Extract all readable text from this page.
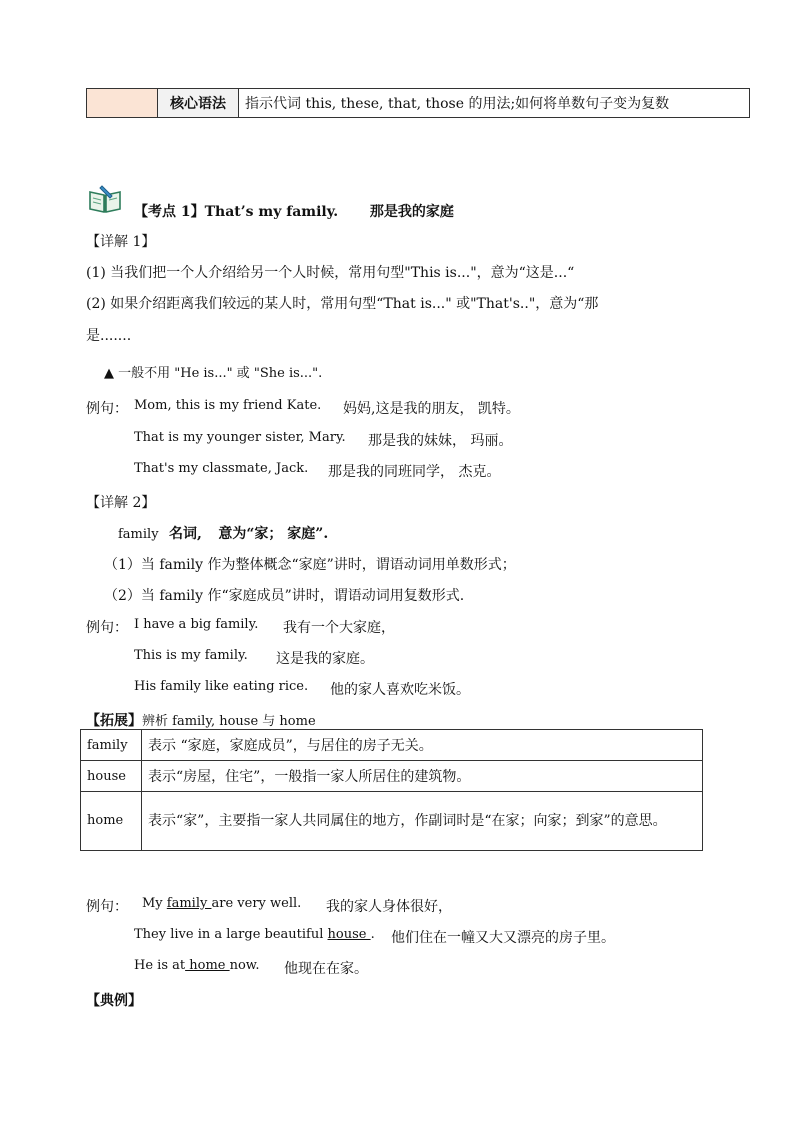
核心语法	指示代词 this, these, that, those 的用法;如何将单数句子变为复数
【考点 1】That’s my family. 那是我的家庭
【详解 1】
(1) 当我们把一个人介绍给另一个人时候，常用句型"This is..."，意为“这是...“
(2) 如果介绍距离我们较远的某人时，常用句型“That is..." 或"That's.."，意为“那
是.......
▲ 一般不用 "He is..." 或 "She is...".
例句： Mom, this is my friend Kate. 妈妈,这是我的朋友， 凯特。
That is my younger sister, Mary. 那是我的妹妹， 玛丽。
That's my classmate, Jack. 那是我的同班同学， 杰克。
【详解 2】
family 名词, 意为“家； 家庭”.
（1）当 family 作为整体概念“家庭”讲时，谓语动词用单数形式；
（2）当 family 作“家庭成员”讲时，谓语动词用复数形式.
例句： I have a big family. 我有一个大家庭，
This is my family. 这是我的家庭。
His family like eating rice. 他的家人喜欢吃米饭。
【拓展】辨析 family, house 与 home
family	表示 “家庭，家庭成员”，与居住的房子无关。
house	表示“房屋，住宅”，一般指一家人所居住的建筑物。
home	表示“家”，主要指一家人共同属住的地方，作副词时是“在家；向家；到家”的意思。
例句： My family are very well. 我的家人身体很好，
They live in a large beautiful house . 他们住在一幢又大又漂亮的房子里。
He is at home now. 他现在在家。
【典例】
